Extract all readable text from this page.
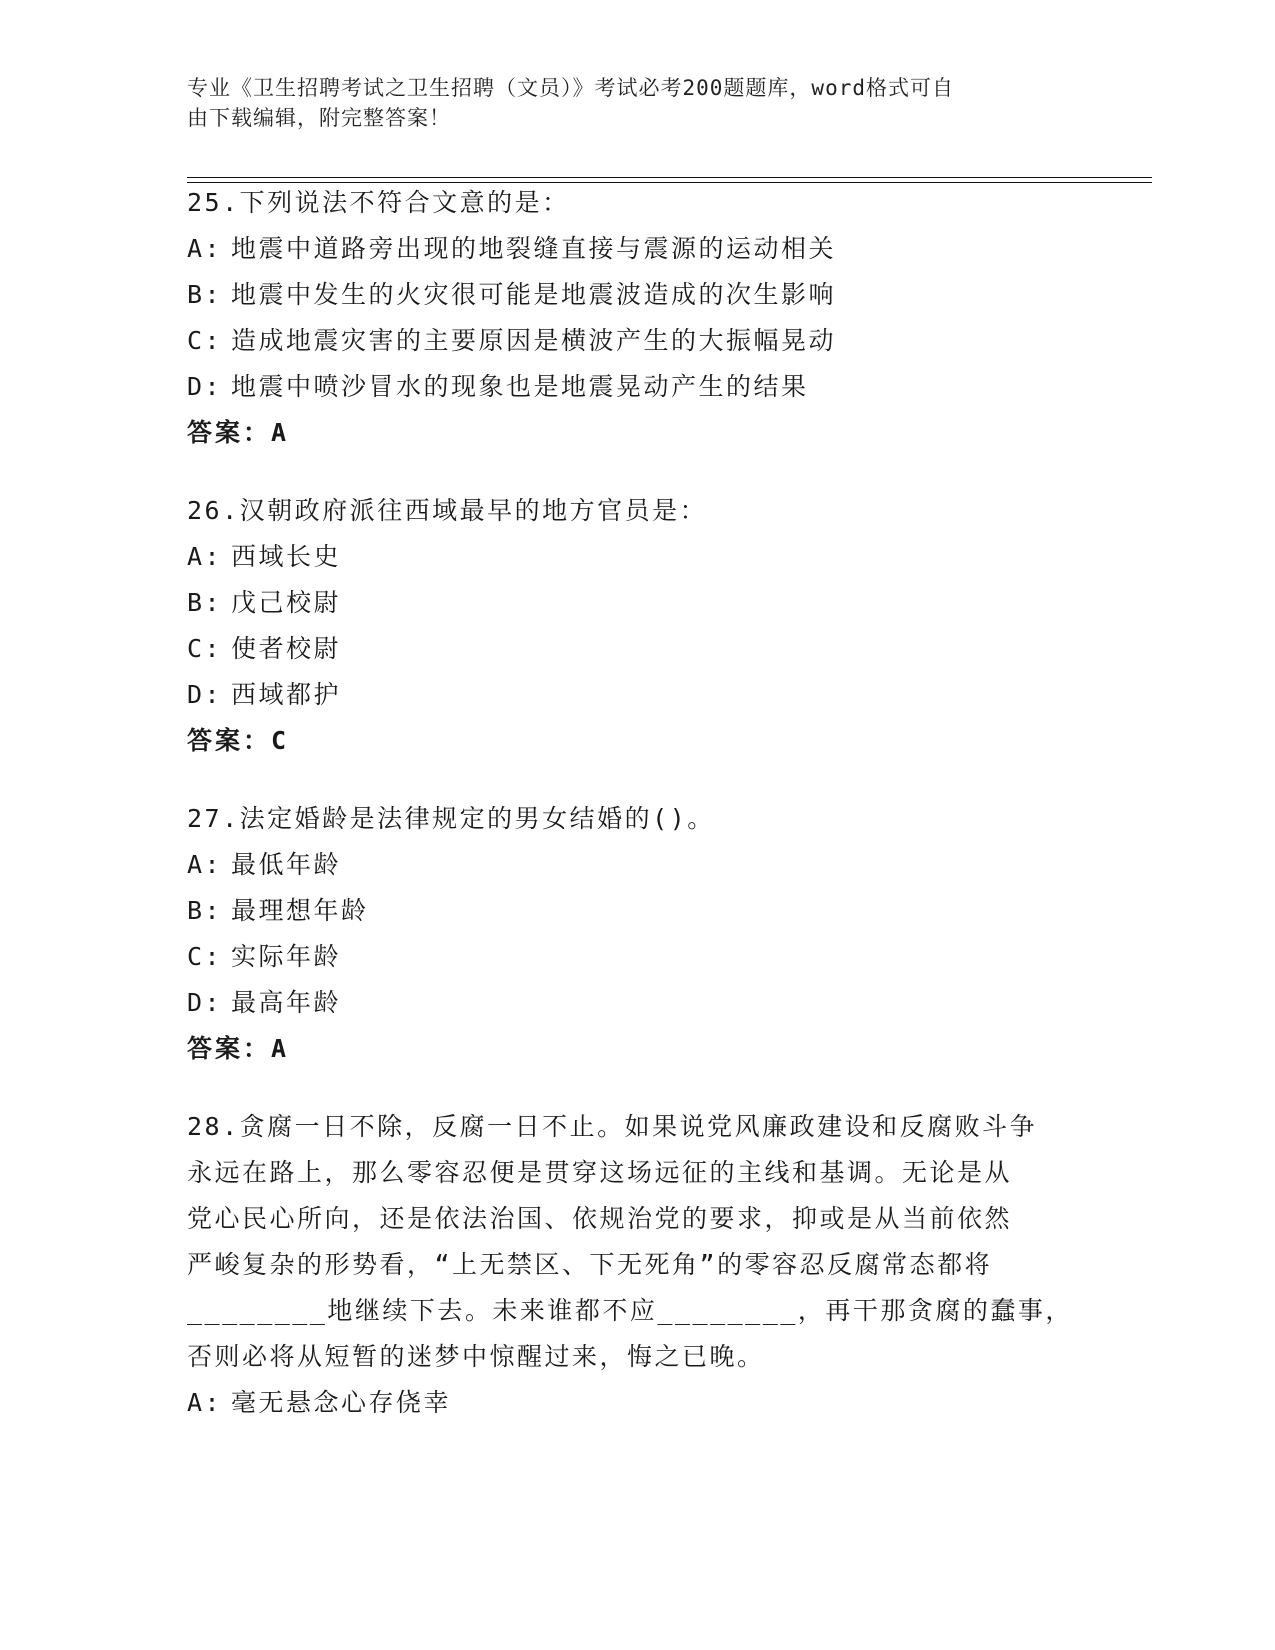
专业《卫生招聘考试之卫生招聘（文员）》考试必考200题题库，word格式可自
由下载编辑，附完整答案！
25.下列说法不符合文意的是：
A: 地震中道路旁出现的地裂缝直接与震源的运动相关
B: 地震中发生的火灾很可能是地震波造成的次生影响
C: 造成地震灾害的主要原因是横波产生的大振幅晃动
D: 地震中喷沙冒水的现象也是地震晃动产生的结果
答案：A
26.汉朝政府派往西域最早的地方官员是：
A: 西域长史
B: 戊己校尉
C: 使者校尉
D: 西域都护
答案：C
27.法定婚龄是法律规定的男女结婚的()。
A: 最低年龄
B: 最理想年龄
C: 实际年龄
D: 最高年龄
答案：A
28.贪腐一日不除，反腐一日不止。如果说党风廉政建设和反腐败斗争
永远在路上，那么零容忍便是贯穿这场远征的主线和基调。无论是从
党心民心所向，还是依法治国、依规治党的要求，抑或是从当前依然
严峻复杂的形势看，“上无禁区、下无死角”的零容忍反腐常态都将
________地继续下去。未来谁都不应________，再干那贪腐的蠢事，
否则必将从短暂的迷梦中惊醒过来，悔之已晚。
A: 毫无悬念心存侥幸
